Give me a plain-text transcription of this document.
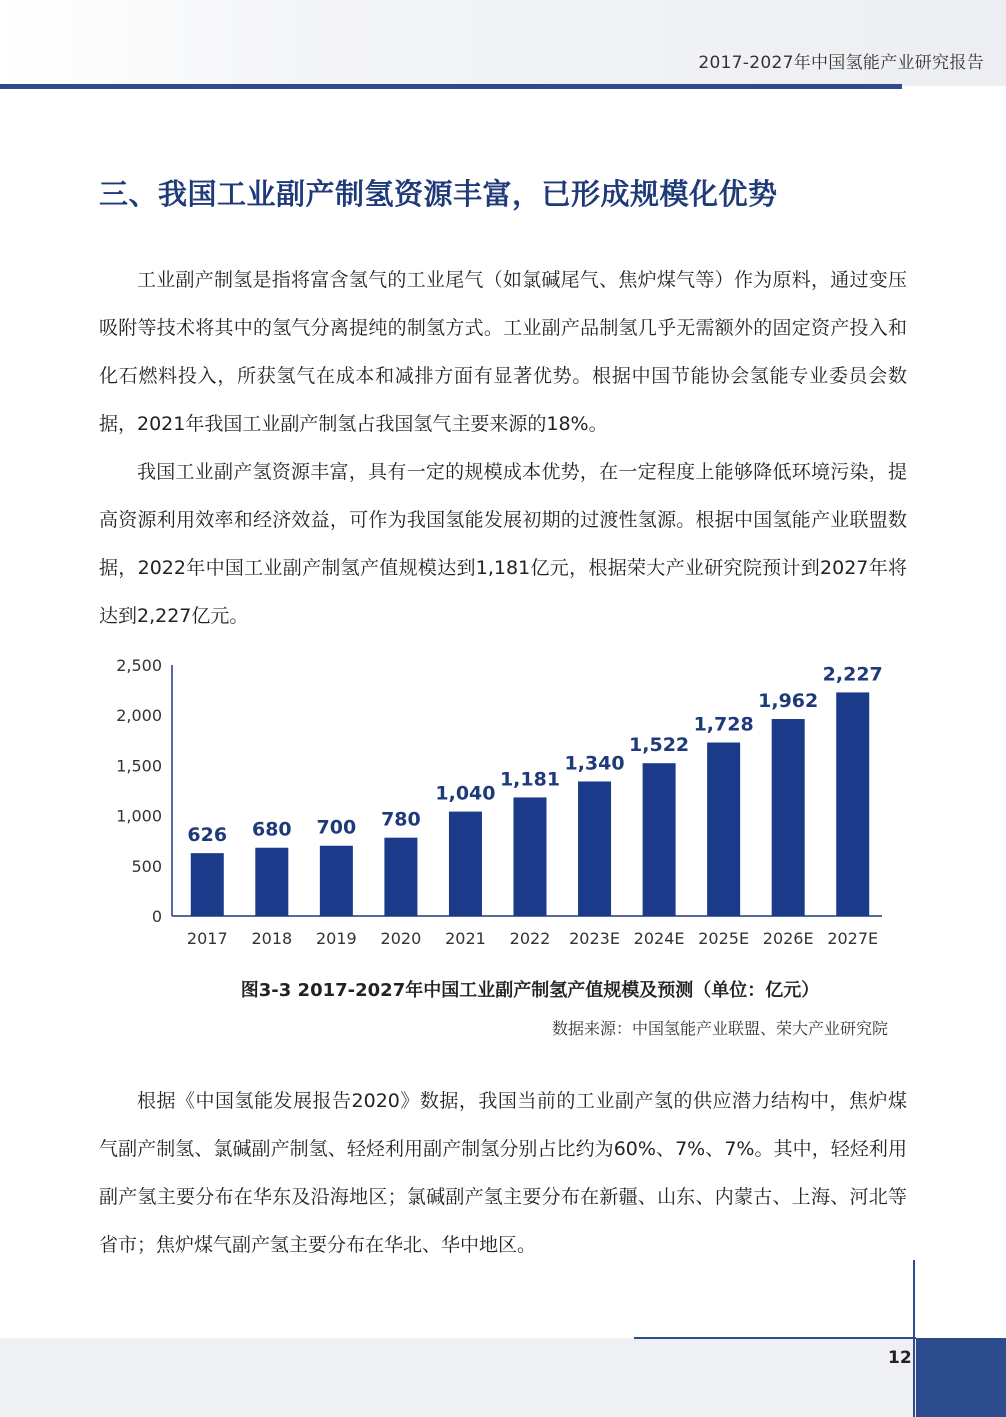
2017-2027年中国氢能产业研究报告
三、我国工业副产制氢资源丰富，已形成规模化优势

工业副产制氢是指将富含氢气的工业尾气（如氯碱尾气、焦炉煤气等）作为原料，通过变压吸附等技术将其中的氢气分离提纯的制氢方式。工业副产品制氢几乎无需额外的固定资产投入和化石燃料投入，所获氢气在成本和减排方面有显著优势。根据中国节能协会氢能专业委员会数据，2021年我国工业副产制氢占我国氢气主要来源的18%。

我国工业副产氢资源丰富，具有一定的规模成本优势，在一定程度上能够降低环境污染，提高资源利用效率和经济效益，可作为我国氢能发展初期的过渡性氢源。根据中国氢能产业联盟数据，2022年中国工业副产制氢产值规模达到1,181亿元，根据荣大产业研究院预计到2027年将达到2,227亿元。

0
500
1,000
1,500
2,000
2,500
626
2017
680
2018
700
2019
780
2020
1,040
2021
1,181
2022
1,340
2023E
1,522
2024E
1,728
2025E
1,962
2026E
2,227
2027E
图3-3 2017-2027年中国工业副产制氢产值规模及预测（单位：亿元）
数据来源：中国氢能产业联盟、荣大产业研究院

根据《中国氢能发展报告2020》数据，我国当前的工业副产氢的供应潜力结构中，焦炉煤气副产制氢、氯碱副产制氢、轻烃利用副产制氢分别占比约为60%、7%、7%。其中，轻烃利用副产氢主要分布在华东及沿海地区；氯碱副产氢主要分布在新疆、山东、内蒙古、上海、河北等省市；焦炉煤气副产氢主要分布在华北、华中地区。

12
